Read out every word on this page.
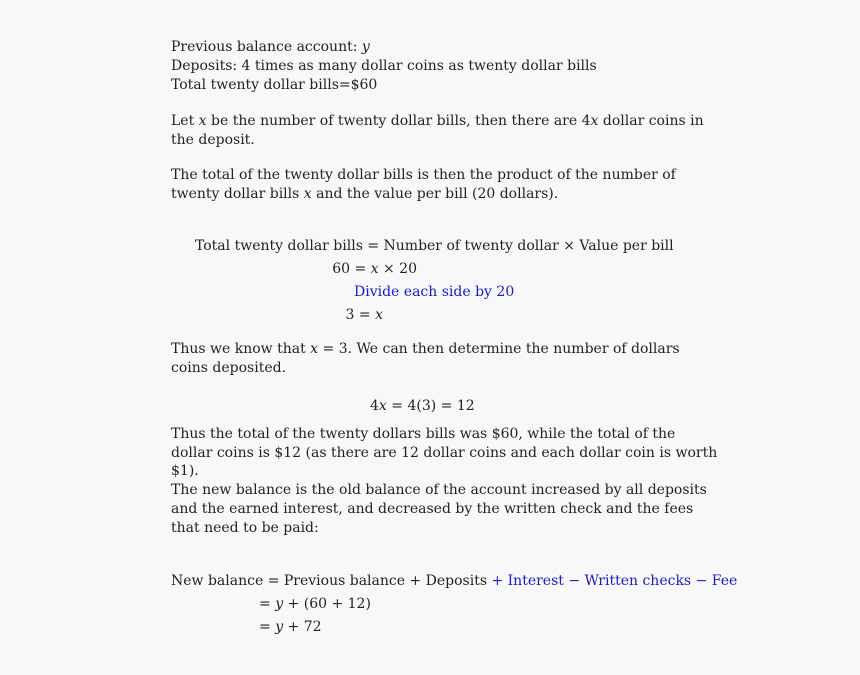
Previous balance account: y
Deposits: 4 times as many dollar coins as twenty dollar bills
Total twenty dollar bills=$60
Let x be the number of twenty dollar bills, then there are 4x dollar coins in
the deposit.
The total of the twenty dollar bills is then the product of the number of
twenty dollar bills x and the value per bill (20 dollars).
Total twenty dollar bills = Number of twenty dollar × Value per bill
60 = x × 20
Divide each side by 20
3 = x
Thus we know that x = 3. We can then determine the number of dollars
coins deposited.
4x = 4(3) = 12
Thus the total of the twenty dollars bills was $60, while the total of the
dollar coins is $12 (as there are 12 dollar coins and each dollar coin is worth
$1).
The new balance is the old balance of the account increased by all deposits
and the earned interest, and decreased by the written check and the fees
that need to be paid:
New balance = Previous balance + Deposits + Interest − Written checks − Fee
= y + (60 + 12)
= y + 72
